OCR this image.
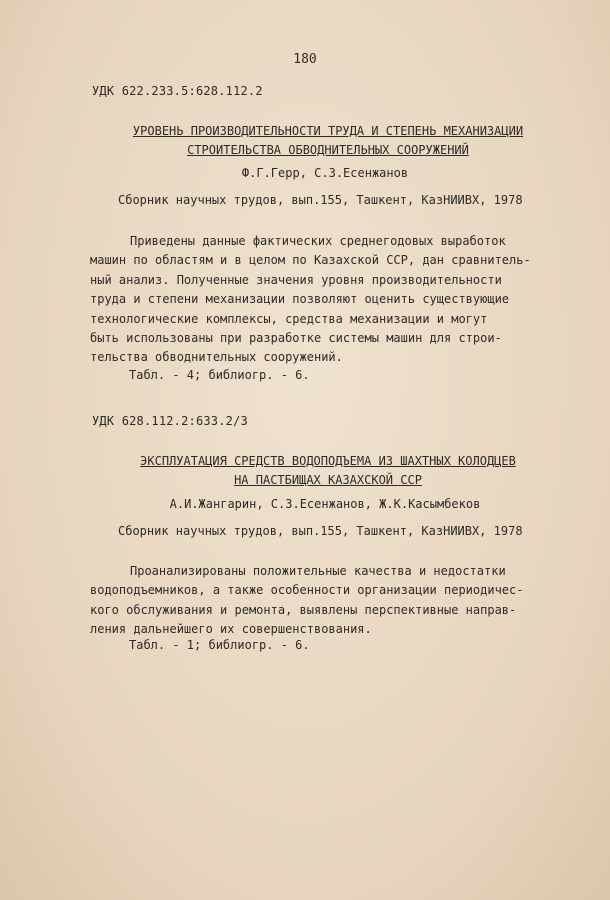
180
УДК 622.233.5:628.112.2
УРОВЕНЬ ПРОИЗВОДИТЕЛЬНОСТИ ТРУДА И СТЕПЕНЬ МЕХАНИЗАЦИИ
СТРОИТЕЛЬСТВА ОБВОДНИТЕЛЬНЫХ СООРУЖЕНИЙ
Ф.Г.Герр, С.З.Есенжанов
Сборник научных трудов, вып.155, Ташкент, КазНИИВХ, 1978
Приведены данные фактических среднегодовых выработок
машин по областям и в целом по Казахской ССР, дан сравнитель-
ный анализ. Полученные значения уровня производительности
труда и степени механизации позволяют оценить существующие
технологические комплексы, средства механизации и могут
быть использованы при разработке системы машин для строи-
тельства обводнительных сооружений.
Табл. - 4; библиогр. - 6.
УДК 628.112.2:633.2/3
ЭКСПЛУАТАЦИЯ СРЕДСТВ ВОДОПОДЪЕМА ИЗ ШАХТНЫХ КОЛОДЦЕВ
НА ПАСТБИЩАХ КАЗАХСКОЙ ССР
А.И.Жангарин, С.З.Есенжанов, Ж.К.Касымбеков
Сборник научных трудов, вып.155, Ташкент, КазНИИВХ, 1978
Проанализированы положительные качества и недостатки
водоподъемников, а также особенности организации периодичес-
кого обслуживания и ремонта, выявлены перспективные направ-
ления дальнейшего их совершенствования.
Табл. - 1; библиогр. - 6.
